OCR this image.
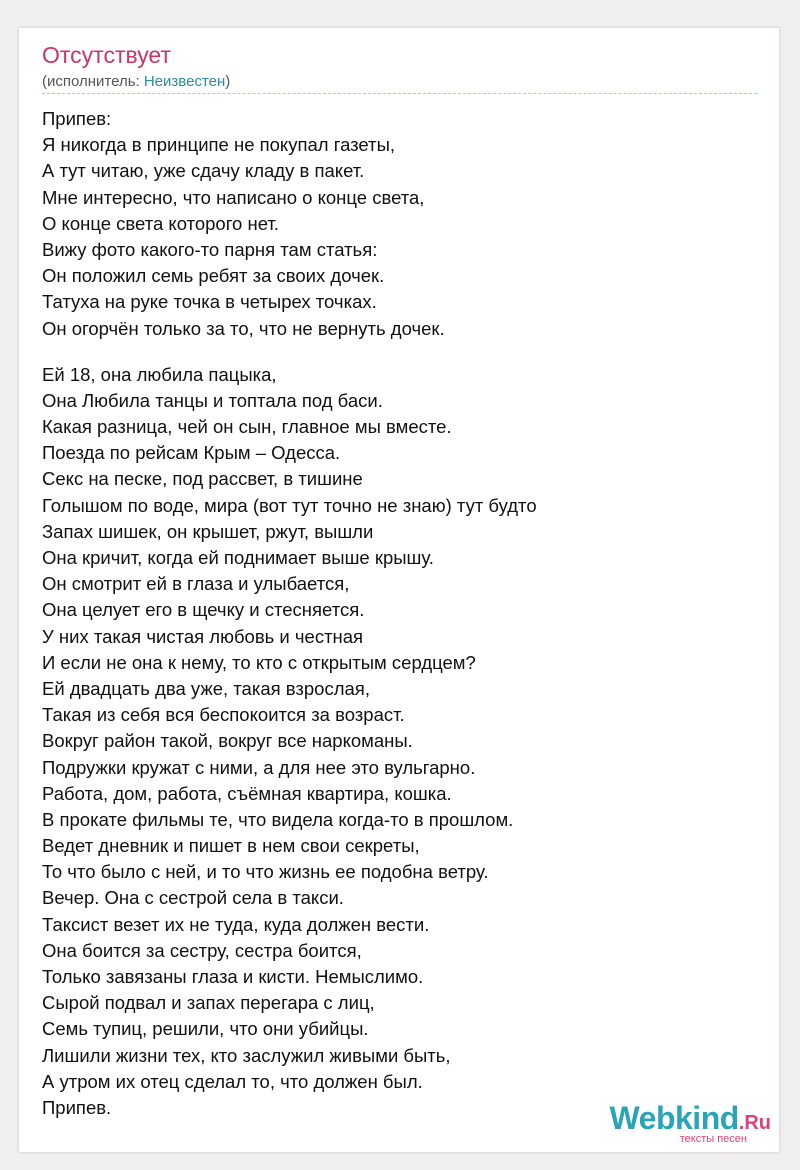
Отсутствует
(исполнитель: Неизвестен)
Припев:
Я никогда в принципе не покупал газеты,
А тут читаю, уже сдачу кладу в пакет.
Мне интересно, что написано о конце света,
О конце света которого нет.
Вижу фото какого-то парня там статья:
Он положил семь ребят за своих дочек.
Татуха на руке точка в четырех точках.
Он огорчён только за то, что не вернуть дочек.
Ей 18, она любила пацыка,
Она Любила танцы и топтала под баси.
Какая разница, чей он сын, главное мы вместе.
Поезда по рейсам Крым – Одесса.
Секс на песке, под рассвет, в тишине
Голышом по воде, мира (вот тут точно не знаю) тут будто
Запах шишек, он крышет, ржут, вышли
Она кричит, когда ей поднимает выше крышу.
Он смотрит ей в глаза и улыбается,
Она целует его в щечку и стесняется.
У них такая чистая любовь и честная
И если не она к нему, то кто с открытым сердцем?
Ей двадцать два уже, такая взрослая,
Такая из себя вся беспокоится за возраст.
Вокруг район такой, вокруг все наркоманы.
Подружки кружат с ними, а для нее это вульгарно.
Работа, дом, работа, съёмная квартира, кошка.
В прокате фильмы те, что видела когда-то в прошлом.
Ведет дневник и пишет в нем свои секреты,
То что было с ней, и то что жизнь ее подобна ветру.
Вечер. Она с сестрой села в такси.
Таксист везет их не туда, куда должен вести.
Она боится за сестру, сестра боится,
Только завязаны глаза и кисти. Немыслимо.
Сырой подвал и запах перегара с лиц,
Семь тупиц, решили, что они убийцы.
Лишили жизни тех, кто заслужил живыми быть,
А утром их отец сделал то, что должен был.
Припев.	Webkind.Ru
тексты песен
